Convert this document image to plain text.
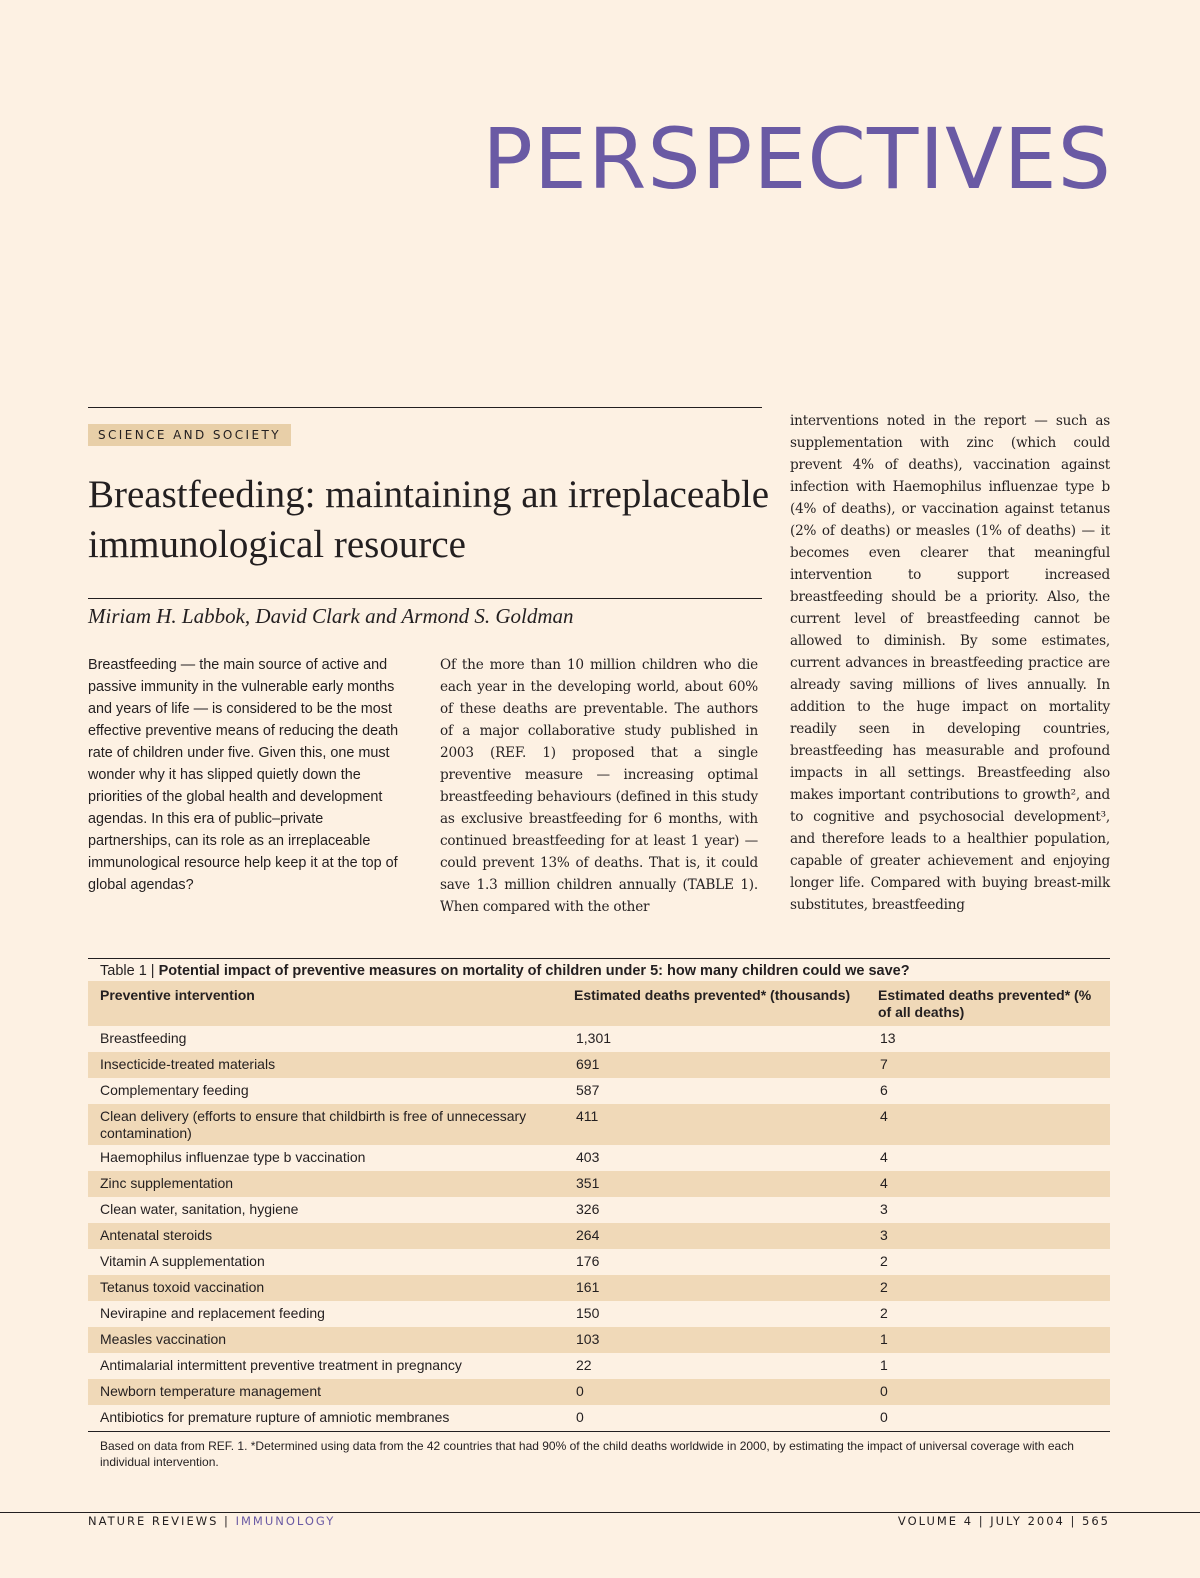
PERSPECTIVES
SCIENCE AND SOCIETY
Breastfeeding: maintaining an irreplaceable immunological resource
Miriam H. Labbok, David Clark and Armond S. Goldman
Breastfeeding — the main source of active and passive immunity in the vulnerable early months and years of life — is considered to be the most effective preventive means of reducing the death rate of children under five. Given this, one must wonder why it has slipped quietly down the priorities of the global health and development agendas. In this era of public–private partnerships, can its role as an irreplaceable immunological resource help keep it at the top of global agendas?
Of the more than 10 million children who die each year in the developing world, about 60% of these deaths are preventable. The authors of a major collaborative study published in 2003 (REF. 1) proposed that a single preventive measure — increasing optimal breastfeeding behaviours (defined in this study as exclusive breastfeeding for 6 months, with continued breastfeeding for at least 1 year) — could prevent 13% of deaths. That is, it could save 1.3 million children annually (TABLE 1). When compared with the other
interventions noted in the report — such as supplementation with zinc (which could prevent 4% of deaths), vaccination against infection with Haemophilus influenzae type b (4% of deaths), or vaccination against tetanus (2% of deaths) or measles (1% of deaths) — it becomes even clearer that meaningful intervention to support increased breastfeeding should be a priority. Also, the current level of breastfeeding cannot be allowed to diminish. By some estimates, current advances in breastfeeding practice are already saving millions of lives annually. In addition to the huge impact on mortality readily seen in developing countries, breastfeeding has measurable and profound impacts in all settings. Breastfeeding also makes important contributions to growth², and to cognitive and psychosocial development³, and therefore leads to a healthier population, capable of greater achievement and enjoying longer life. Compared with buying breast-milk substitutes, breastfeeding
Table 1 | Potential impact of preventive measures on mortality of children under 5: how many children could we save?
Preventive intervention	Estimated deaths prevented* (thousands)	Estimated deaths prevented* (% of all deaths)
Breastfeeding	1,301	13
Insecticide-treated materials	691	7
Complementary feeding	587	6
Clean delivery (efforts to ensure that childbirth is free of unnecessary contamination)	411	4
Haemophilus influenzae type b vaccination	403	4
Zinc supplementation	351	4
Clean water, sanitation, hygiene	326	3
Antenatal steroids	264	3
Vitamin A supplementation	176	2
Tetanus toxoid vaccination	161	2
Nevirapine and replacement feeding	150	2
Measles vaccination	103	1
Antimalarial intermittent preventive treatment in pregnancy	22	1
Newborn temperature management	0	0
Antibiotics for premature rupture of amniotic membranes	0	0
Based on data from REF. 1. *Determined using data from the 42 countries that had 90% of the child deaths worldwide in 2000, by estimating the impact of universal coverage with each individual intervention.
NATURE REVIEWS | IMMUNOLOGY	VOLUME 4 | JULY 2004 | 565
